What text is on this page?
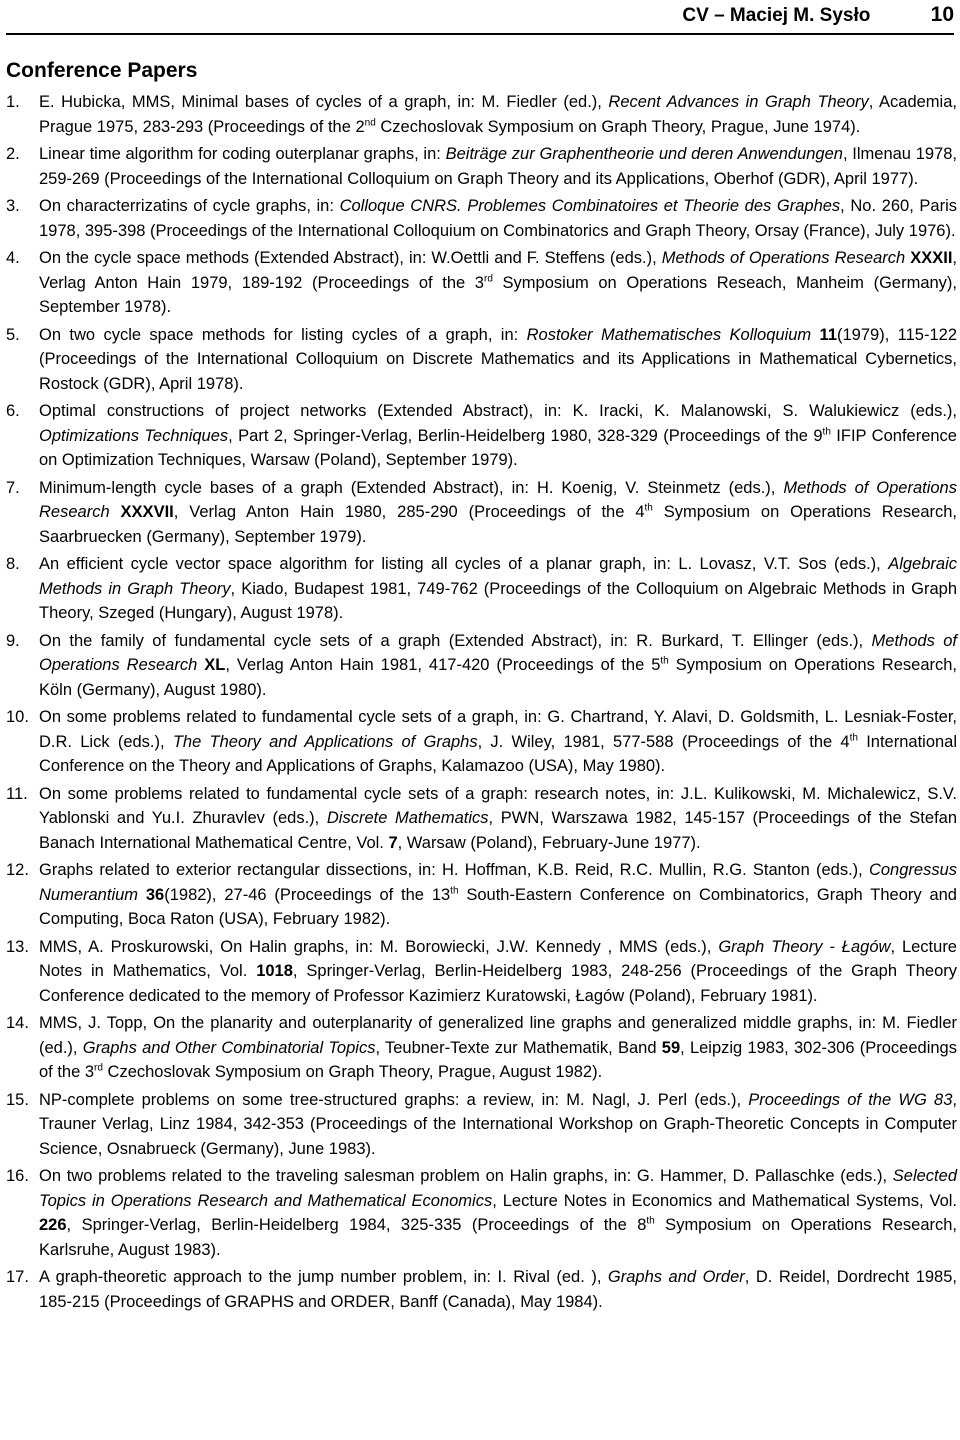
CV – Maciej M. Sysło	10
Conference Papers
1.	E. Hubicka, MMS, Minimal bases of cycles of a graph, in: M. Fiedler (ed.), Recent Advances in Graph Theory, Academia, Prague 1975, 283-293 (Proceedings of the 2nd Czechoslovak Symposium on Graph Theory, Prague, June 1974).
2.	Linear time algorithm for coding outerplanar graphs, in: Beiträge zur Graphentheorie und deren Anwendungen, Ilmenau 1978, 259-269 (Proceedings of the International Colloquium on Graph Theory and its Applications, Oberhof (GDR), April 1977).
3.	On characterrizatins of cycle graphs, in: Colloque CNRS. Problemes Combinatoires et Theorie des Graphes, No. 260, Paris 1978, 395-398 (Proceedings of the International Colloquium on Combinatorics and Graph Theory, Orsay (France), July 1976).
4.	On the cycle space methods (Extended Abstract), in: W.Oettli and F. Steffens (eds.), Methods of Operations Research XXXII, Verlag Anton Hain 1979, 189-192 (Proceedings of the 3rd Symposium on Operations Reseach, Manheim (Germany), September 1978).
5.	On two cycle space methods for listing cycles of a graph, in: Rostoker Mathematisches Kolloquium 11(1979), 115-122 (Proceedings of the International Colloquium on Discrete Mathematics and its Applications in Mathematical Cybernetics, Rostock (GDR), April 1978).
6.	Optimal constructions of project networks (Extended Abstract), in: K. Iracki, K. Malanowski, S. Walukiewicz (eds.), Optimizations Techniques, Part 2, Springer-Verlag, Berlin-Heidelberg 1980, 328-329 (Proceedings of the 9th IFIP Conference on Optimization Techniques, Warsaw (Poland), September 1979).
7.	Minimum-length cycle bases of a graph (Extended Abstract), in: H. Koenig, V. Steinmetz (eds.), Methods of Operations Research XXXVII, Verlag Anton Hain 1980, 285-290 (Proceedings of the 4th Symposium on Operations Research, Saarbruecken (Germany), September 1979).
8.	An efficient cycle vector space algorithm for listing all cycles of a planar graph, in: L. Lovasz, V.T. Sos (eds.), Algebraic Methods in Graph Theory, Kiado, Budapest 1981, 749-762 (Proceedings of the Colloquium on Algebraic Methods in Graph Theory, Szeged (Hungary), August 1978).
9.	On the family of fundamental cycle sets of a graph (Extended Abstract), in: R. Burkard, T. Ellinger (eds.), Methods of Operations Research XL, Verlag Anton Hain 1981, 417-420 (Proceedings of the 5th Symposium on Operations Research, Köln (Germany), August 1980).
10. On some problems related to fundamental cycle sets of a graph, in: G. Chartrand, Y. Alavi, D. Goldsmith, L. Lesniak-Foster, D.R. Lick (eds.), The Theory and Applications of Graphs, J. Wiley, 1981, 577-588 (Proceedings of the 4th International Conference on the Theory and Applications of Graphs, Kalamazoo (USA), May 1980).
11. On some problems related to fundamental cycle sets of a graph: research notes, in: J.L. Kulikowski, M. Michalewicz, S.V. Yablonski and Yu.I. Zhuravlev (eds.), Discrete Mathematics, PWN, Warszawa 1982, 145-157 (Proceedings of the Stefan Banach International Mathematical Centre, Vol. 7, Warsaw (Poland), February-June 1977).
12. Graphs related to exterior rectangular dissections, in: H. Hoffman, K.B. Reid, R.C. Mullin, R.G. Stanton (eds.), Congressus Numerantium 36(1982), 27-46 (Proceedings of the 13th South-Eastern Conference on Combinatorics, Graph Theory and Computing, Boca Raton (USA), February 1982).
13. MMS, A. Proskurowski, On Halin graphs, in: M. Borowiecki, J.W. Kennedy , MMS (eds.), Graph Theory - Łagów, Lecture Notes in Mathematics, Vol. 1018, Springer-Verlag, Berlin-Heidelberg 1983, 248-256 (Proceedings of the Graph Theory Conference dedicated to the memory of Professor Kazimierz Kuratowski, Łagów (Poland), February 1981).
14. MMS, J. Topp, On the planarity and outerplanarity of generalized line graphs and generalized middle graphs, in: M. Fiedler (ed.), Graphs and Other Combinatorial Topics, Teubner-Texte zur Mathematik, Band 59, Leipzig 1983, 302-306 (Proceedings of the 3rd Czechoslovak Symposium on Graph Theory, Prague, August 1982).
15. NP-complete problems on some tree-structured graphs: a review, in: M. Nagl, J. Perl (eds.), Proceedings of the WG 83, Trauner Verlag, Linz 1984, 342-353 (Proceedings of the International Workshop on Graph-Theoretic Concepts in Computer Science, Osnabrueck (Germany), June 1983).
16. On two problems related to the traveling salesman problem on Halin graphs, in: G. Hammer, D. Pallaschke (eds.), Selected Topics in Operations Research and Mathematical Economics, Lecture Notes in Economics and Mathematical Systems, Vol. 226, Springer-Verlag, Berlin-Heidelberg 1984, 325-335 (Proceedings of the 8th Symposium on Operations Research, Karlsruhe, August 1983).
17. A graph-theoretic approach to the jump number problem, in: I. Rival (ed. ), Graphs and Order, D. Reidel, Dordrecht 1985, 185-215 (Proceedings of GRAPHS and ORDER, Banff (Canada), May 1984).
